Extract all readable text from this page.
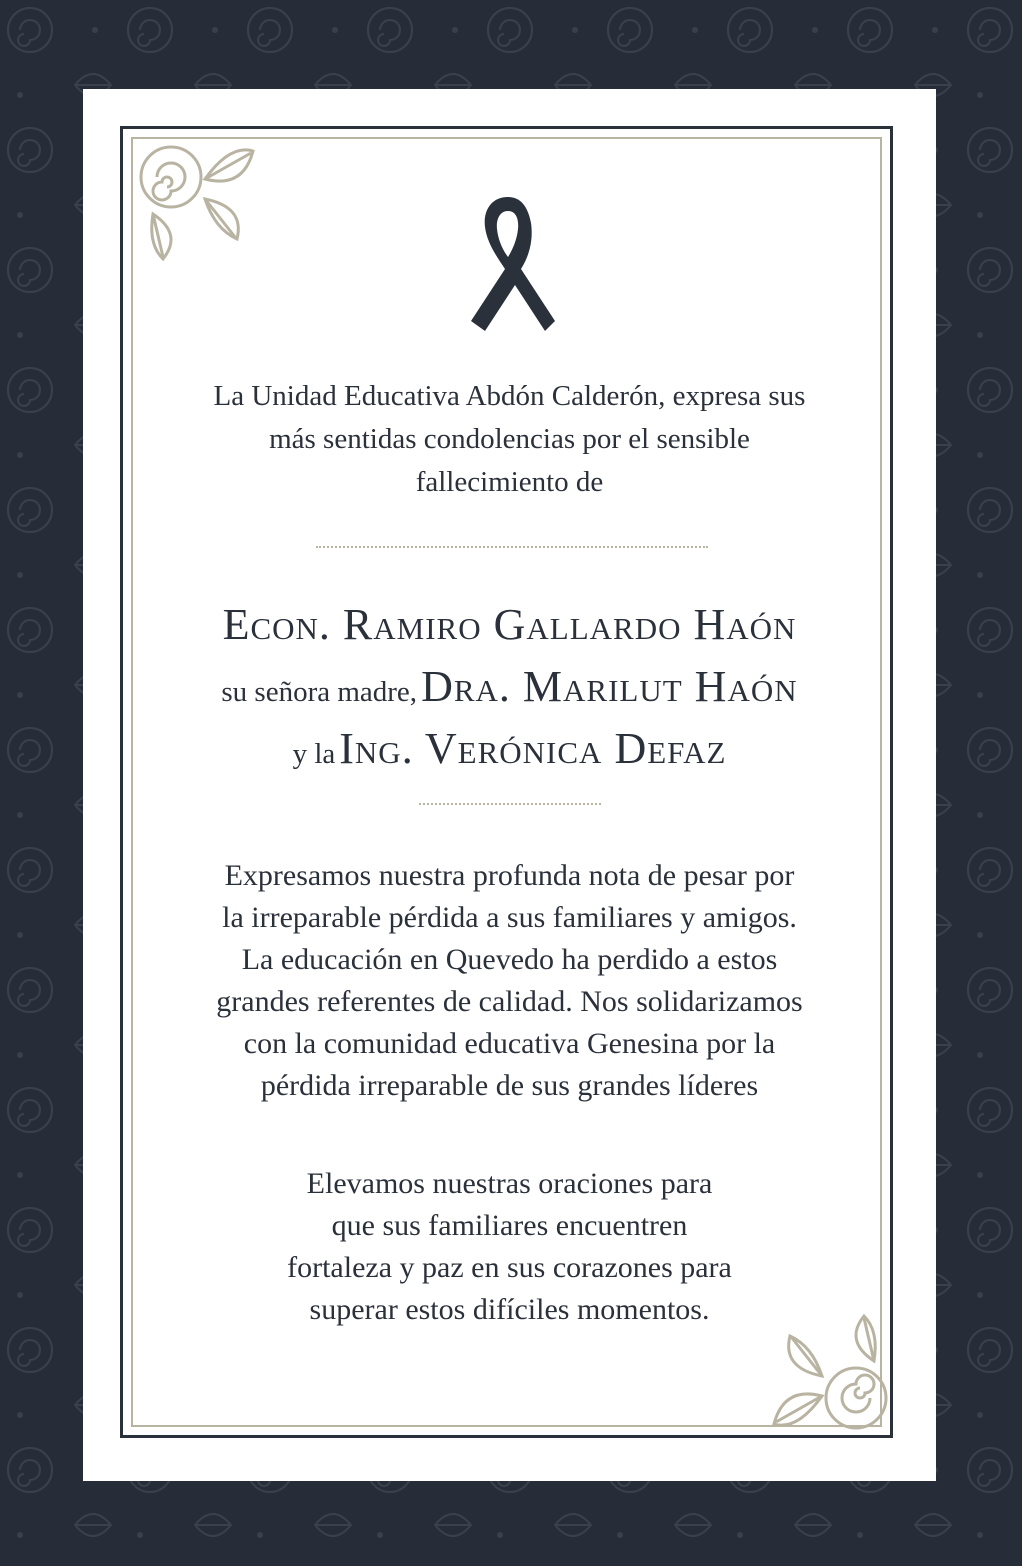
La Unidad Educativa Abdón Calderón, expresa sus

más sentidas condolencias por el sensible

fallecimiento de

Econ. Ramiro Gallardo Haón
su señora madre, Dra. Marilut Haón
y la Ing. Verónica Defaz

Expresamos nuestra profunda nota de pesar por

la irreparable pérdida a sus familiares y amigos.

La educación en Quevedo ha perdido a estos

grandes referentes de calidad. Nos solidarizamos

con la comunidad educativa Genesina por la

pérdida irreparable de sus grandes líderes

Elevamos nuestras oraciones para

que sus familiares encuentren

fortaleza y paz en sus corazones para

superar estos difíciles momentos.
